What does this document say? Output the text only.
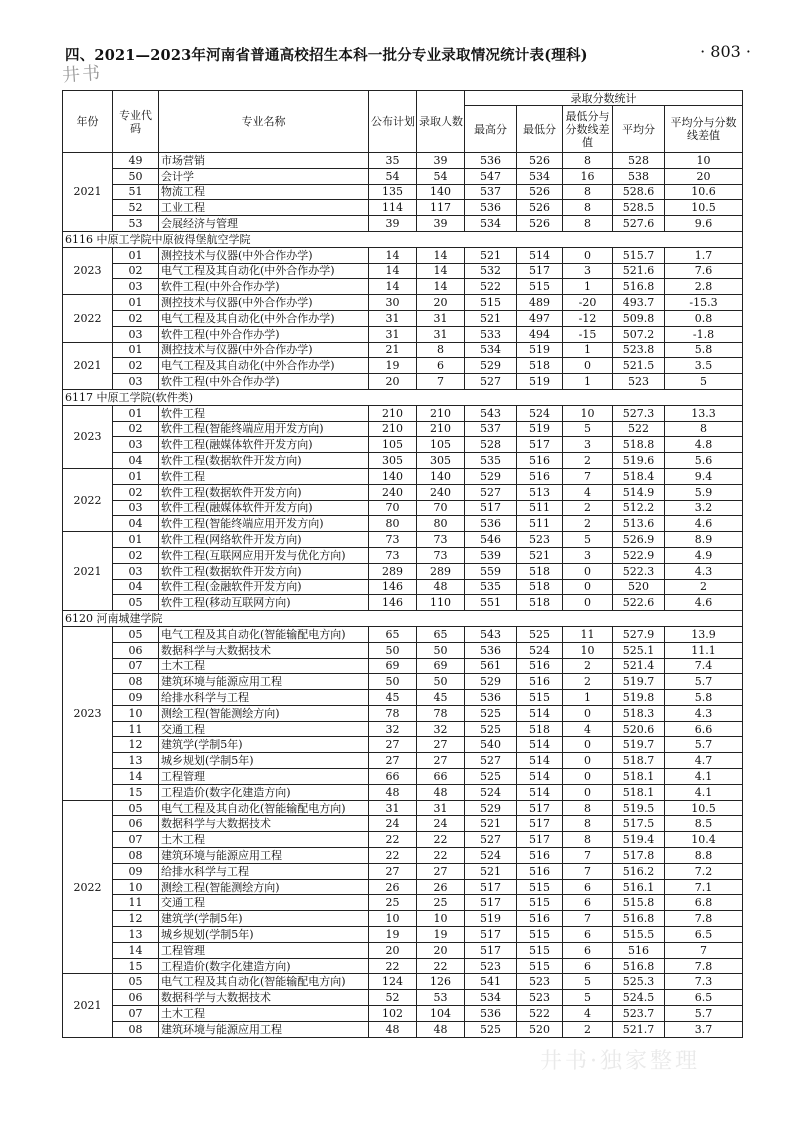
四、2021—2023年河南省普通高校招生本科一批分专业录取情况统计表(理科)	· 803 ·
井书
年份	专业代码	专业名称	公布计划	录取人数	录取分数统计				
					最高分	最低分	最低分与分数线差值	平均分	平均分与分数线差值
2021	49	市场营销	35	39	536	526	8	528	10
	50	会计学	54	54	547	534	16	538	20
	51	物流工程	135	140	537	526	8	528.6	10.6
	52	工业工程	114	117	536	526	8	528.5	10.5
	53	会展经济与管理	39	39	534	526	8	527.6	9.6
6116 中原工学院中原彼得堡航空学院									
2023	01	测控技术与仪器(中外合作办学)	14	14	521	514	0	515.7	1.7
	02	电气工程及其自动化(中外合作办学)	14	14	532	517	3	521.6	7.6
	03	软件工程(中外合作办学)	14	14	522	515	1	516.8	2.8
2022	01	测控技术与仪器(中外合作办学)	30	20	515	489	-20	493.7	-15.3
	02	电气工程及其自动化(中外合作办学)	31	31	521	497	-12	509.8	0.8
	03	软件工程(中外合作办学)	31	31	533	494	-15	507.2	-1.8
2021	01	测控技术与仪器(中外合作办学)	21	8	534	519	1	523.8	5.8
	02	电气工程及其自动化(中外合作办学)	19	6	529	518	0	521.5	3.5
	03	软件工程(中外合作办学)	20	7	527	519	1	523	5
6117 中原工学院(软件类)									
2023	01	软件工程	210	210	543	524	10	527.3	13.3
	02	软件工程(智能终端应用开发方向)	210	210	537	519	5	522	8
	03	软件工程(融媒体软件开发方向)	105	105	528	517	3	518.8	4.8
	04	软件工程(数据软件开发方向)	305	305	535	516	2	519.6	5.6
2022	01	软件工程	140	140	529	516	7	518.4	9.4
	02	软件工程(数据软件开发方向)	240	240	527	513	4	514.9	5.9
	03	软件工程(融媒体软件开发方向)	70	70	517	511	2	512.2	3.2
	04	软件工程(智能终端应用开发方向)	80	80	536	511	2	513.6	4.6
2021	01	软件工程(网络软件开发方向)	73	73	546	523	5	526.9	8.9
	02	软件工程(互联网应用开发与优化方向)	73	73	539	521	3	522.9	4.9
	03	软件工程(数据软件开发方向)	289	289	559	518	0	522.3	4.3
	04	软件工程(金融软件开发方向)	146	48	535	518	0	520	2
	05	软件工程(移动互联网方向)	146	110	551	518	0	522.6	4.6
6120 河南城建学院									
2023	05	电气工程及其自动化(智能输配电方向)	65	65	543	525	11	527.9	13.9
	06	数据科学与大数据技术	50	50	536	524	10	525.1	11.1
	07	土木工程	69	69	561	516	2	521.4	7.4
	08	建筑环境与能源应用工程	50	50	529	516	2	519.7	5.7
	09	给排水科学与工程	45	45	536	515	1	519.8	5.8
	10	测绘工程(智能测绘方向)	78	78	525	514	0	518.3	4.3
	11	交通工程	32	32	525	518	4	520.6	6.6
	12	建筑学(学制5年)	27	27	540	514	0	519.7	5.7
	13	城乡规划(学制5年)	27	27	527	514	0	518.7	4.7
	14	工程管理	66	66	525	514	0	518.1	4.1
	15	工程造价(数字化建造方向)	48	48	524	514	0	518.1	4.1
2022	05	电气工程及其自动化(智能输配电方向)	31	31	529	517	8	519.5	10.5
	06	数据科学与大数据技术	24	24	521	517	8	517.5	8.5
	07	土木工程	22	22	527	517	8	519.4	10.4
	08	建筑环境与能源应用工程	22	22	524	516	7	517.8	8.8
	09	给排水科学与工程	27	27	521	516	7	516.2	7.2
	10	测绘工程(智能测绘方向)	26	26	517	515	6	516.1	7.1
	11	交通工程	25	25	517	515	6	515.8	6.8
	12	建筑学(学制5年)	10	10	519	516	7	516.8	7.8
	13	城乡规划(学制5年)	19	19	517	515	6	515.5	6.5
	14	工程管理	20	20	517	515	6	516	7
	15	工程造价(数字化建造方向)	22	22	523	515	6	516.8	7.8
2021	05	电气工程及其自动化(智能输配电方向)	124	126	541	523	5	525.3	7.3
	06	数据科学与大数据技术	52	53	534	523	5	524.5	6.5
	07	土木工程	102	104	536	522	4	523.7	5.7
	08	建筑环境与能源应用工程	48	48	525	520	2	521.7	3.7
井书·独家整理
